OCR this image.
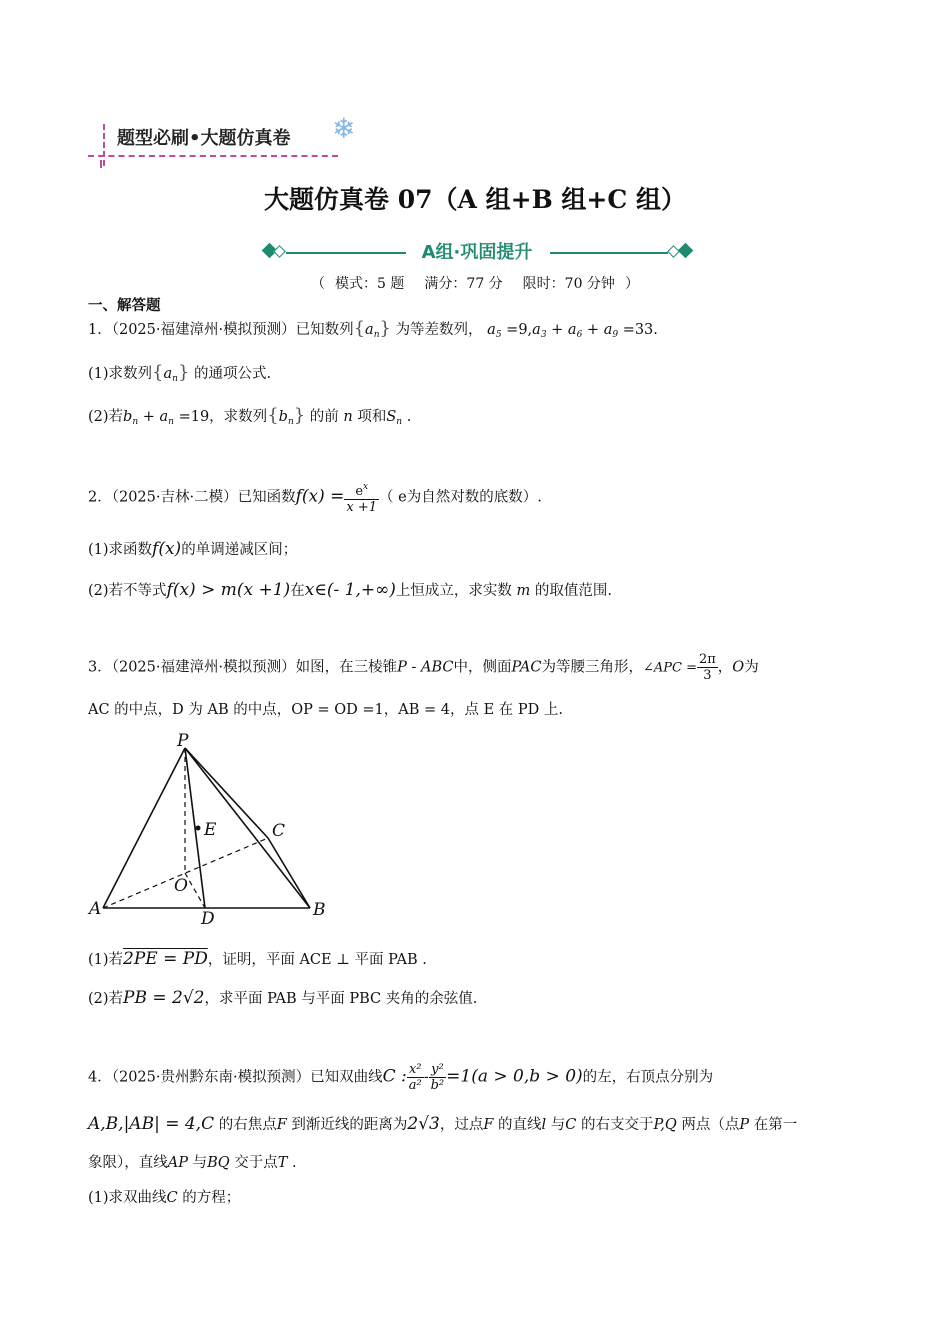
题型必刷•大题仿真卷 ❄
大题仿真卷 07（A 组+B 组+C 组）
A组·巩固提升
（ 模式：5 题 满分：77 分 限时：70 分钟 ）
一、解答题
1．（2025·福建漳州·模拟预测）已知数列$\{a_n\}$ 为等差数列， $a_5 =9,a_3 + a_6 + a_9 =33$.
(1)求数列$\{a_n\}$ 的通项公式.
(2)若$b_n + a_n =19$，求数列$\{b_n\}$ 的前 n 项和$S_n$ .
2．（2025·吉林·二模）已知函数$f(x) = \frac{e^x}{x +1}$ （ e为自然对数的底数）.
(1)求函数f(x)的单调递减区间；
(2)若不等式f(x) > m(x +1)在x∈(- 1,+∞)上恒成立，求实数 m 的取值范围.
3．（2025·福建漳州·模拟预测）如图，在三棱锥P - ABC中，侧面PAC为等腰三角形，∠APC = $\frac{2\pi}{3}$ ，O为
AC 的中点，D 为 AB 的中点，OP = OD =1，AB = 4，点 E 在 PD 上.
P
E	C
O
A	D	B
(1)若2PE = PD，证明，平面 ACE ⊥ 平面 PAB .
(2)若PB = 2√2，求平面 PAB 与平面 PBC 夹角的余弦值.
4．（2025·贵州黔东南·模拟预测）已知双曲线C : $\frac{\text{x²}}{\text{a²}} - \frac{\text{y²}}{\text{b²}} =1(a > 0,b > 0)$的左，右顶点分别为
A,B,|AB| = 4,C 的右焦点F 到渐近线的距离为2√3，过点F 的直线l 与C 的右支交于P,Q 两点（点P 在第一
象限），直线AP 与BQ 交于点T .
(1)求双曲线C 的方程；
